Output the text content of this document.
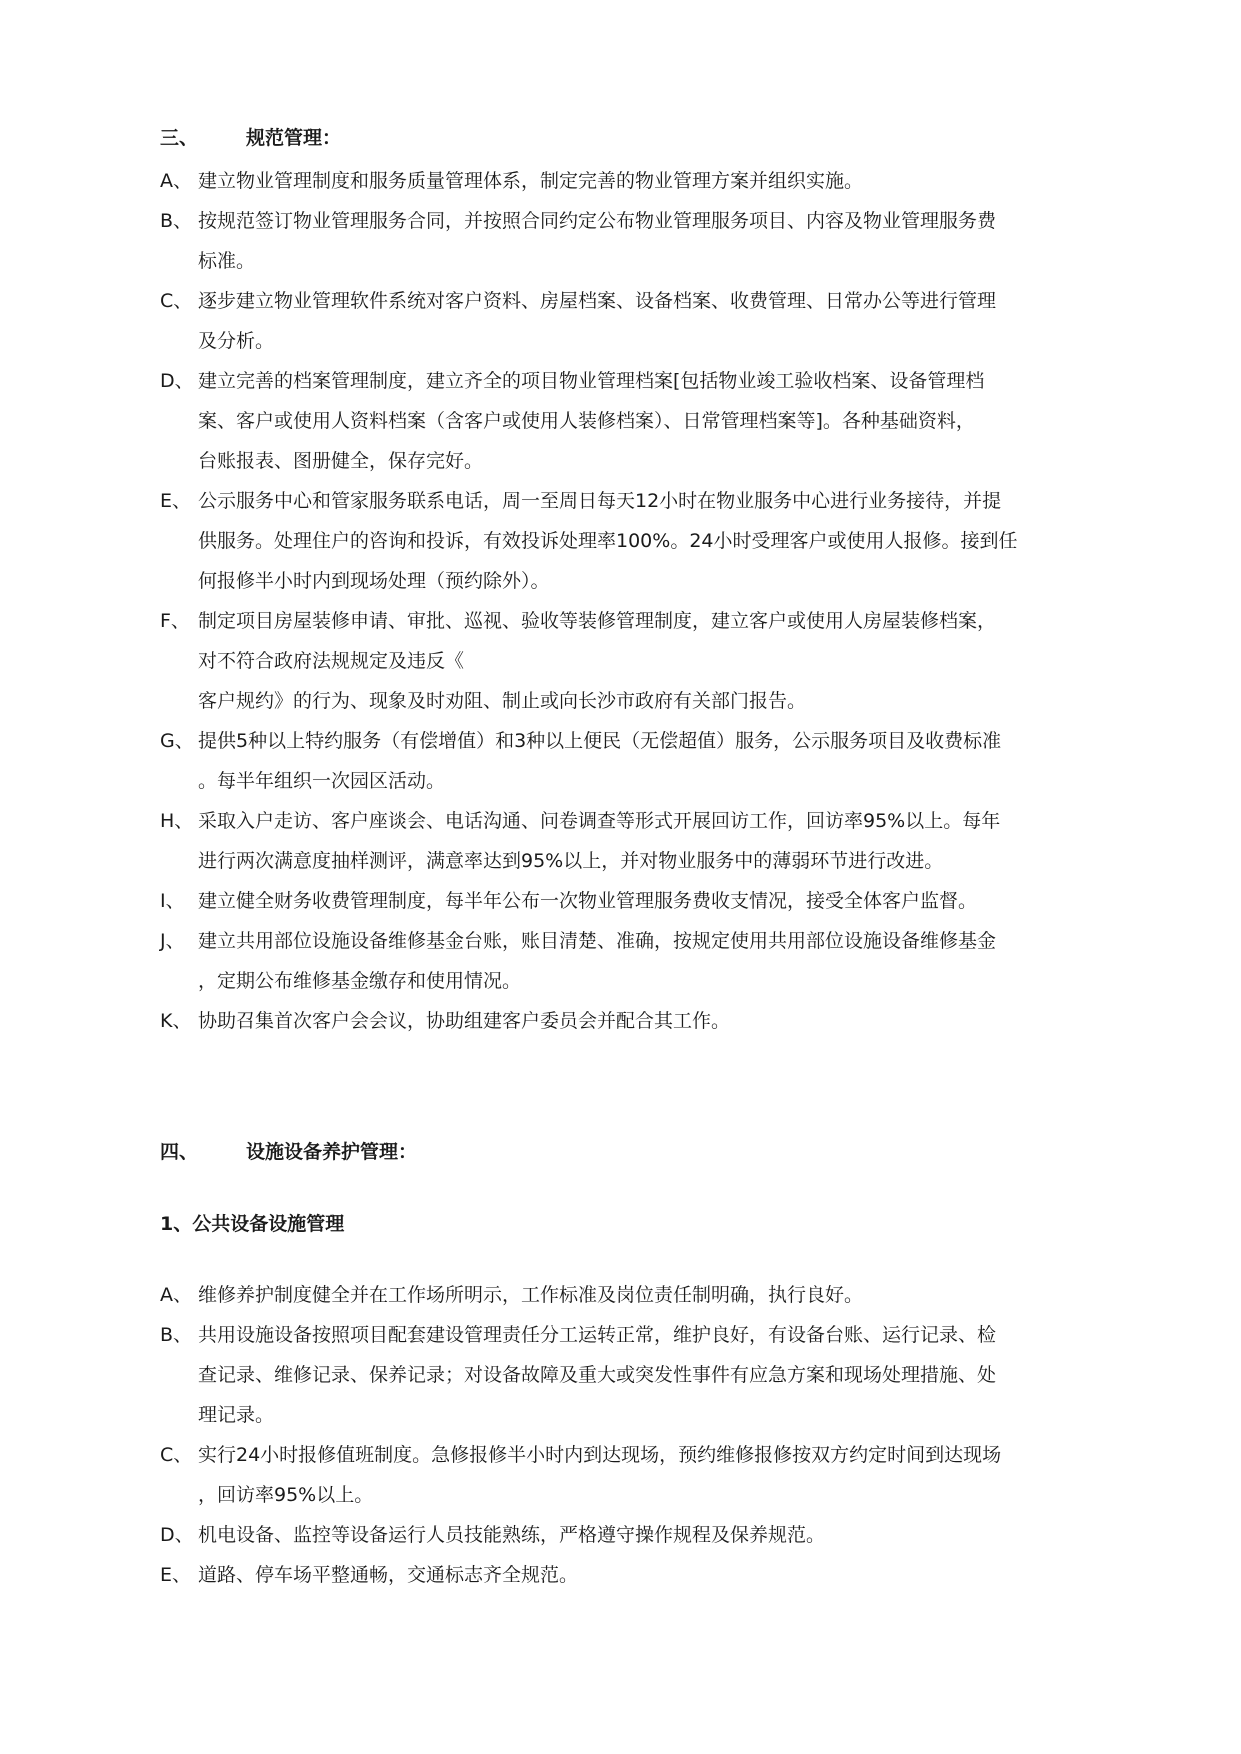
三、	规范管理：
A、 建立物业管理制度和服务质量管理体系，制定完善的物业管理方案并组织实施。
B、 按规范签订物业管理服务合同，并按照合同约定公布物业管理服务项目、内容及物业管理服务费
标准。
C、 逐步建立物业管理软件系统对客户资料、房屋档案、设备档案、收费管理、日常办公等进行管理
及分析。
D、 建立完善的档案管理制度，建立齐全的项目物业管理档案[包括物业竣工验收档案、设备管理档
案、客户或使用人资料档案（含客户或使用人装修档案）、日常管理档案等]。各种基础资料，
台账报表、图册健全，保存完好。
E、 公示服务中心和管家服务联系电话，周一至周日每天12小时在物业服务中心进行业务接待，并提
供服务。处理住户的咨询和投诉，有效投诉处理率100%。24小时受理客户或使用人报修。接到任
何报修半小时内到现场处理（预约除外）。
F、 制定项目房屋装修申请、审批、巡视、验收等装修管理制度，建立客户或使用人房屋装修档案，
对不符合政府法规规定及违反《
客户规约》的行为、现象及时劝阻、制止或向长沙市政府有关部门报告。
G、 提供5种以上特约服务（有偿增值）和3种以上便民（无偿超值）服务，公示服务项目及收费标准
。每半年组织一次园区活动。
H、 采取入户走访、客户座谈会、电话沟通、问卷调查等形式开展回访工作，回访率95%以上。每年
进行两次满意度抽样测评，满意率达到95%以上，并对物业服务中的薄弱环节进行改进。
I、 建立健全财务收费管理制度，每半年公布一次物业管理服务费收支情况，接受全体客户监督。
J、 建立共用部位设施设备维修基金台账，账目清楚、准确，按规定使用共用部位设施设备维修基金
，定期公布维修基金缴存和使用情况。
K、 协助召集首次客户会会议，协助组建客户委员会并配合其工作。
四、	设施设备养护管理：
1、公共设备设施管理
A、 维修养护制度健全并在工作场所明示，工作标准及岗位责任制明确，执行良好。
B、 共用设施设备按照项目配套建设管理责任分工运转正常，维护良好，有设备台账、运行记录、检
查记录、维修记录、保养记录；对设备故障及重大或突发性事件有应急方案和现场处理措施、处
理记录。
C、 实行24小时报修值班制度。急修报修半小时内到达现场，预约维修报修按双方约定时间到达现场
，回访率95%以上。
D、 机电设备、监控等设备运行人员技能熟练，严格遵守操作规程及保养规范。
E、 道路、停车场平整通畅，交通标志齐全规范。
